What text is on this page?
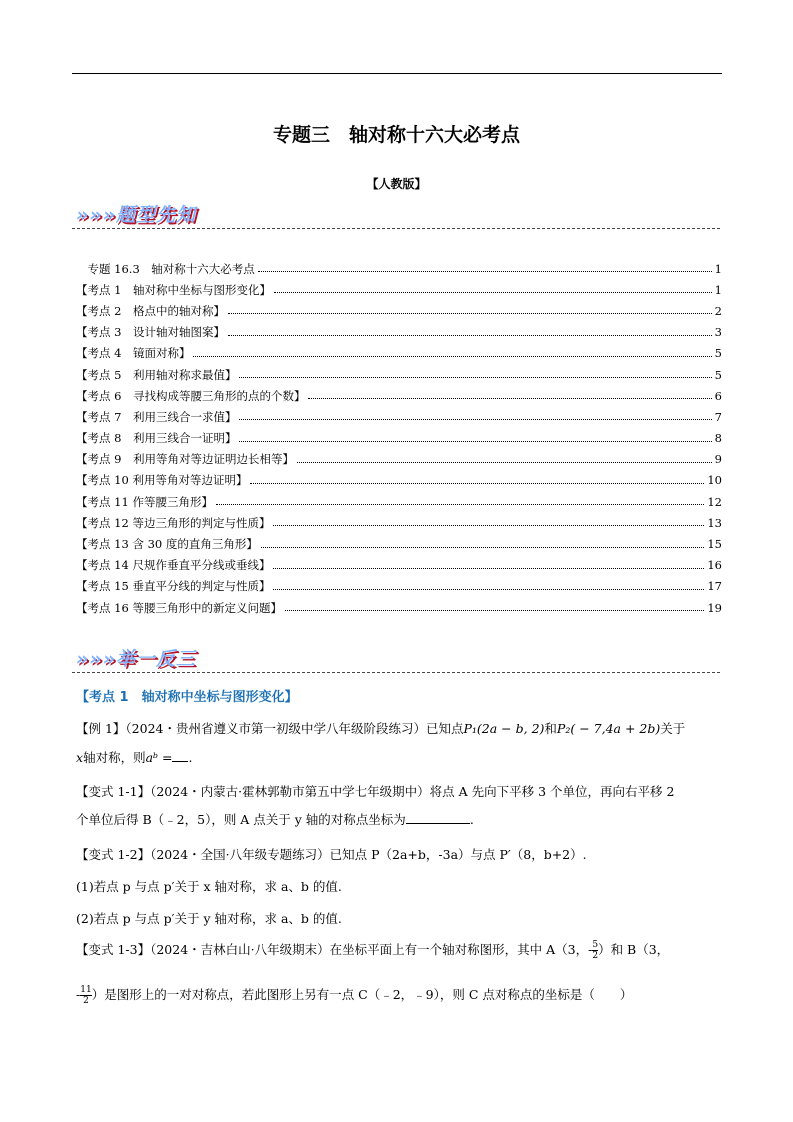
专题三　轴对称十六大必考点
【人教版】
»»»题型先知
　专题 16.3　轴对称十六大必考点	1
【考点 1　轴对称中坐标与图形变化】	1
【考点 2　格点中的轴对称】	2
【考点 3　设计轴对轴图案】	3
【考点 4　镜面对称】	5
【考点 5　利用轴对称求最值】	5
【考点 6　寻找构成等腰三角形的点的个数】	6
【考点 7　利用三线合一求值】	7
【考点 8　利用三线合一证明】	8
【考点 9　利用等角对等边证明边长相等】	9
【考点 10 利用等角对等边证明】	10
【考点 11 作等腰三角形】	12
【考点 12 等边三角形的判定与性质】	13
【考点 13 含 30 度的直角三角形】	15
【考点 14 尺规作垂直平分线或垂线】	16
【考点 15 垂直平分线的判定与性质】	17
【考点 16 等腰三角形中的新定义问题】	19
»»»举一反三
【考点 1　轴对称中坐标与图形变化】
【例 1】（2024・贵州省遵义市第一初级中学八年级阶段练习）已知点P₁(2a − b, 2)和P₂( − 7,4a + 2b)关于
x轴对称，则aᵇ = .
【变式 1-1】（2024・内蒙古·霍林郭勒市第五中学七年级期中）将点 A 先向下平移 3 个单位，再向右平移 2
个单位后得 B（﹣2，5），则 A 点关于 y 轴的对称点坐标为	.
【变式 1-2】（2024・全国·八年级专题练习）已知点 P（2a+b，-3a）与点 P′（8，b+2）.
(1)若点 p 与点 p′关于 x 轴对称，求 a、b 的值.
(2)若点 p 与点 p′关于 y 轴对称，求 a、b 的值.
【变式 1-3】（2024・吉林白山·八年级期末）在坐标平面上有一个轴对称图形，其中 A（3，- $\frac{5}{2}$ ）和 B（3，
- $\frac{11}{2}$ ）是图形上的一对对称点，若此图形上另有一点 C（﹣2，﹣9），则 C 点对称点的坐标是（　　）
